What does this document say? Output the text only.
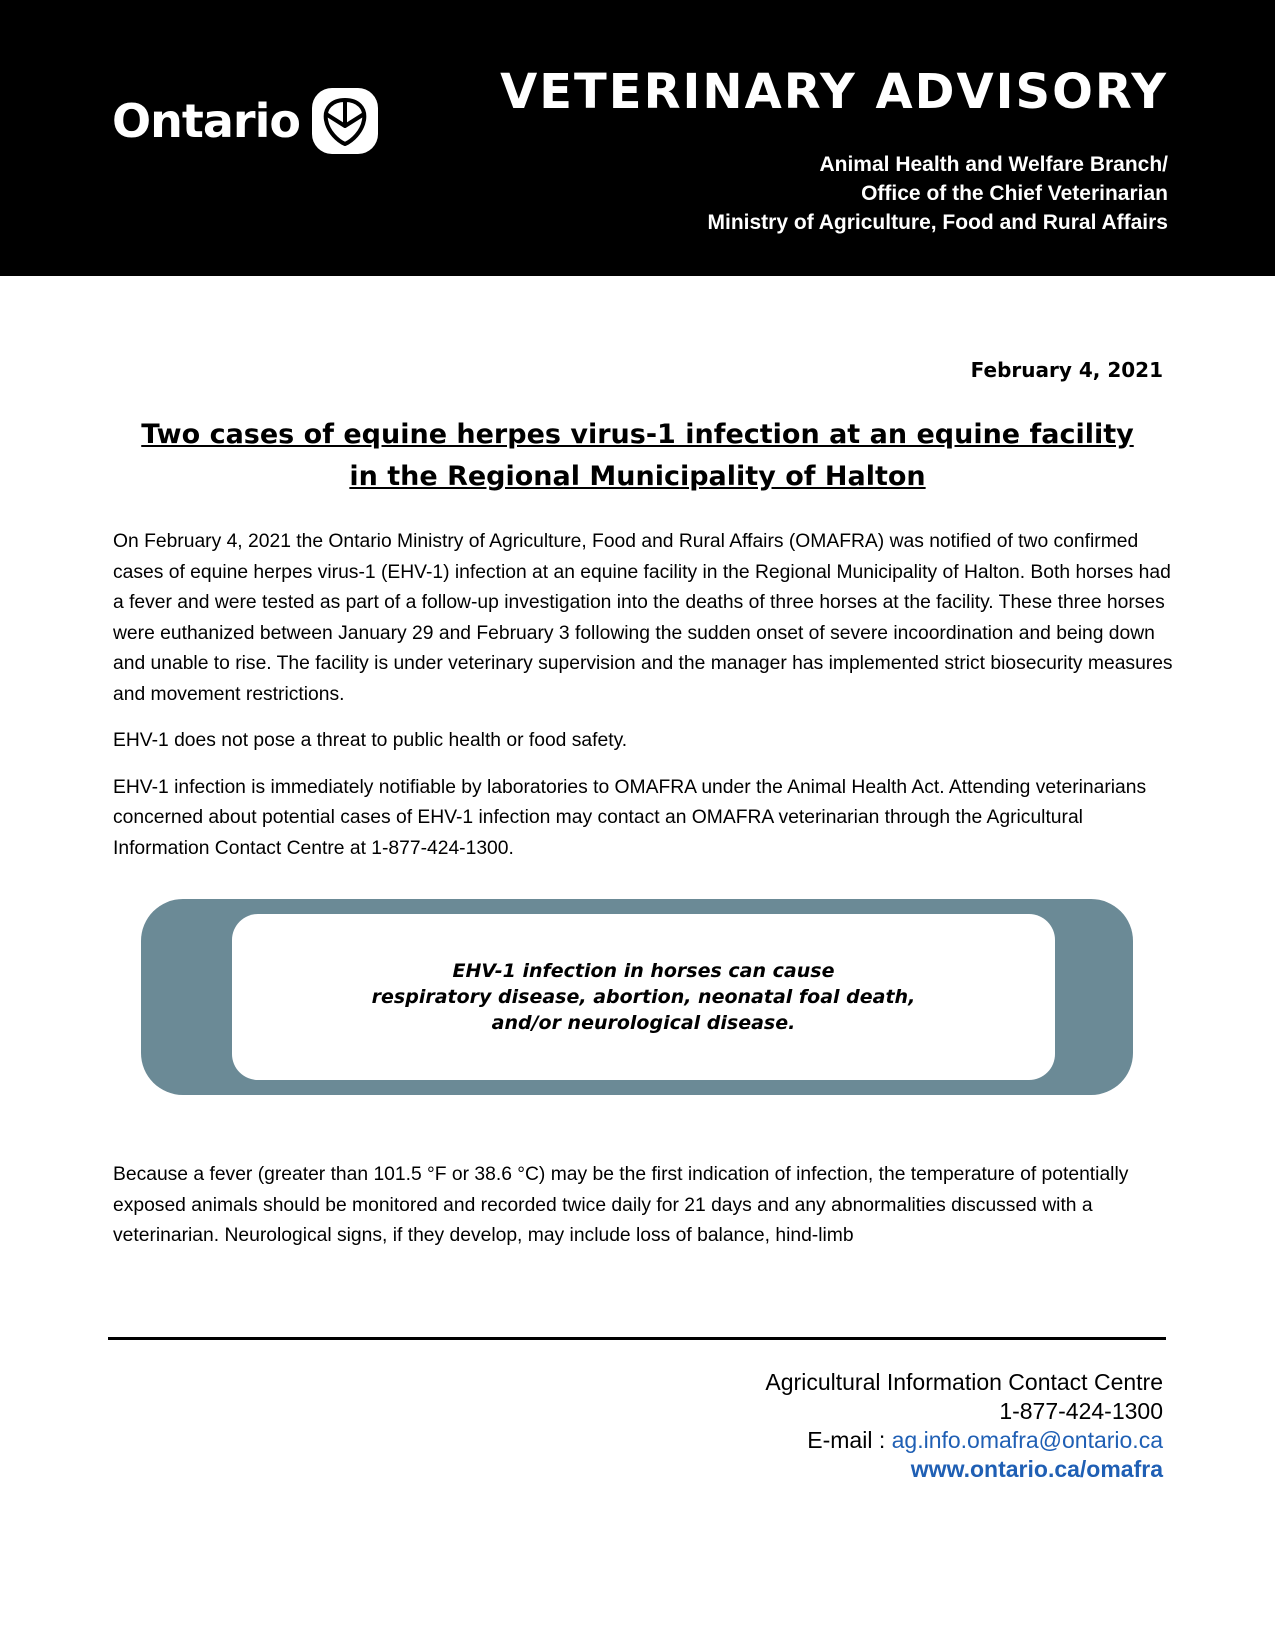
Ontario
VETERINARY ADVISORY
Animal Health and Welfare Branch/
Office of the Chief Veterinarian
Ministry of Agriculture, Food and Rural Affairs
February 4, 2021
Two cases of equine herpes virus-1 infection at an equine facility
in the Regional Municipality of Halton

On February 4, 2021 the Ontario Ministry of Agriculture, Food and Rural Affairs (OMAFRA) was notified of two confirmed cases of equine herpes virus-1 (EHV-1) infection at an equine facility in the Regional Municipality of Halton. Both horses had a fever and were tested as part of a follow-up investigation into the deaths of three horses at the facility. These three horses were euthanized between January 29 and February 3 following the sudden onset of severe incoordination and being down and unable to rise. The facility is under veterinary supervision and the manager has implemented strict biosecurity measures and movement restrictions.

EHV-1 does not pose a threat to public health or food safety.

EHV-1 infection is immediately notifiable by laboratories to OMAFRA under the Animal Health Act. Attending veterinarians concerned about potential cases of EHV-1 infection may contact an OMAFRA veterinarian through the Agricultural Information Contact Centre at 1-877-424-1300.

EHV-1 infection in horses can cause
respiratory disease, abortion, neonatal foal death,
and/or neurological disease.

Because a fever (greater than 101.5 °F or 38.6 °C) may be the first indication of infection, the temperature of potentially exposed animals should be monitored and recorded twice daily for 21 days and any abnormalities discussed with a veterinarian. Neurological signs, if they develop, may include loss of balance, hind-limb

Agricultural Information Contact Centre
1-877-424-1300
E-mail : ag.info.omafra@ontario.ca
www.ontario.ca/omafra
